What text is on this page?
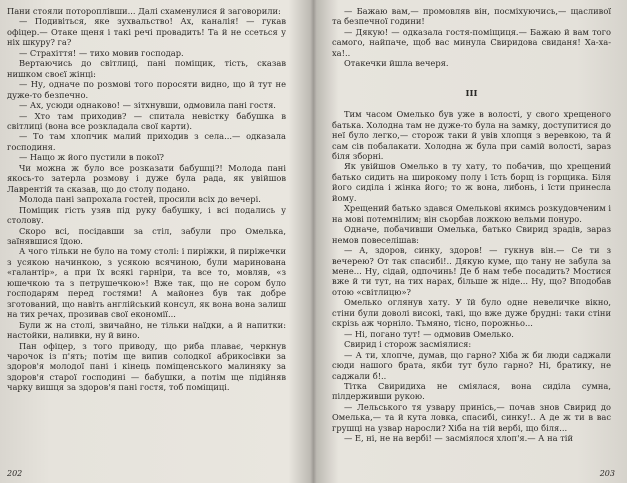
Пани стояли потороплівши... Далі схаменулися й заговорили:

— Подивіться, яке зухвальство! Ах, каналія! — гукав офіцер.— Отаке щеня і такі речі провадить! Та й не ссеться у ніх шкуру? га?

— Страхіття! — тихо мовив господар.

Вертаючись до світлиці, пані поміщик, тість, сказав нишком своєї жінці:

— Ну, одначе по розмові того поросяти видно, що й тут не дуже-то безпечно.

— Ах, усюди однаково! — зітхнувши, одмовила пані гостя.

— Хто там приходив? — спитала невістку бабушка в світлиці (вона все розкладала свої карти).

— То там хлопчик малий приходив з села...— одказала господиня.

— Нащо ж його пустили в покої?

Чи можна ж було все розказати бабушці?! Молода пані якось-то затерла розмову і дуже була рада, як увійшов Лаврентій та сказав, що до столу подано.

Молода пані запрохала гостей, просили всіх до вечері.

Поміщик гість узяв під руку бабушку, і всі подались у столову.

Скоро всі, посідавши за стіл, забули про Омелька, заїнявшися їдою.

А чого тільки не було на тому столі: і пиріжки, й пиріжечки з усякою начинкою, з усякою всячиною, були маринована «галантір», а при їх всякі гарніри, та все то, мовляв, «з юшечкою та з петрушечкою»! Вже так, що не сором було господарям перед гостями! А майонез був так добре зготований, що навіть англійський консул, як вона вона залиш на тих речах, прозивав свої економії...

Були ж на столі, звичайно, не тільки наїдки, а й напитки: настойки, наливки, ну й вино.

Пан офіцер, з того приводу, що риба плаває, черкнув чарочок із п'ять; потім ще випив солодкої абрикосівки за здоров'я молодої пані і кінець поміщенського малиняку за здоров'я старої господині — бабушки, а потім ще підійняв чарку вишця за здоров'я пані гостя, тоб поміщиці.

202

— Бажаю вам,— промовляв він, посміхуючись,— щасливої та безпечної години!

— Дякую! — одказала гостя-поміщиця.— Бажаю й вам того самого, найпаче, щоб вас минула Свиридова свиданя! Ха-ха-ха!..

Отакечки йшла вечеря.

III

Тим часом Омелько був уже в волості, у свого хрещеного батька. Холодна там не дуже-то була на замку, доступитися до неї було легко,— сторож таки й увів хлопця з веревкою, та й сам сів побалакати. Холодна ж була при самій волості, зараз біля зборні.

Як увійшов Омелько в ту хату, то побачив, що хрещений батько сидить на широкому полу і їсть борщ із горщика. Біля його сиділа і жінка його; то ж вона, либонь, і їсти принесла йому.

Хрещений батько здався Омелькові якимсь розкудовченим і на мові потемнілим; він сьорбав ложкою вельми понуро.

Одначе, побачивши Омелька, батько Свирид зрадів, зараз немов повеселішав:

— А, здоров, синку, здоров! — гукнув він.— Се ти з вечерею? От так спасибі!.. Дякую куме, що тану не забула за мене... Ну, сідай, одпочинь! Де б нам тебе посадить? Мостися вже й ти тут, на тих нарах, більше ж ніде... Ну, що? Вподобав отою «світлицю»?

Омелько оглянув хату. У їй було одне невеличке вікно, стіни були доволі високі, такі, що вже дуже брудні: таки стіни скрізь аж чорніло. Тьмяно, тісно, порожньо...

— Ні, погано тут! — одмовив Омелько.

Свирид і сторож засміялися:

— А ти, хлопче, думав, що гарно? Хіба ж би люди саджали сюди нашого брата, якби тут було гарно? Ні, братику, не саджали б!..

Тітка Свиридиха не сміялася, вона сиділа сумна, пілдерживши рукою.

— Лельського тя узвару принісь,— почав знов Свирид до Омелька,— та й кута ловка, спасибі, синку!.. А де ж ти в вас грушці на узвар наросли? Хіба на тій вербі, що біля...

— Е, ні, не на вербі! — засміялося хлоп'я.— А на тій

203
